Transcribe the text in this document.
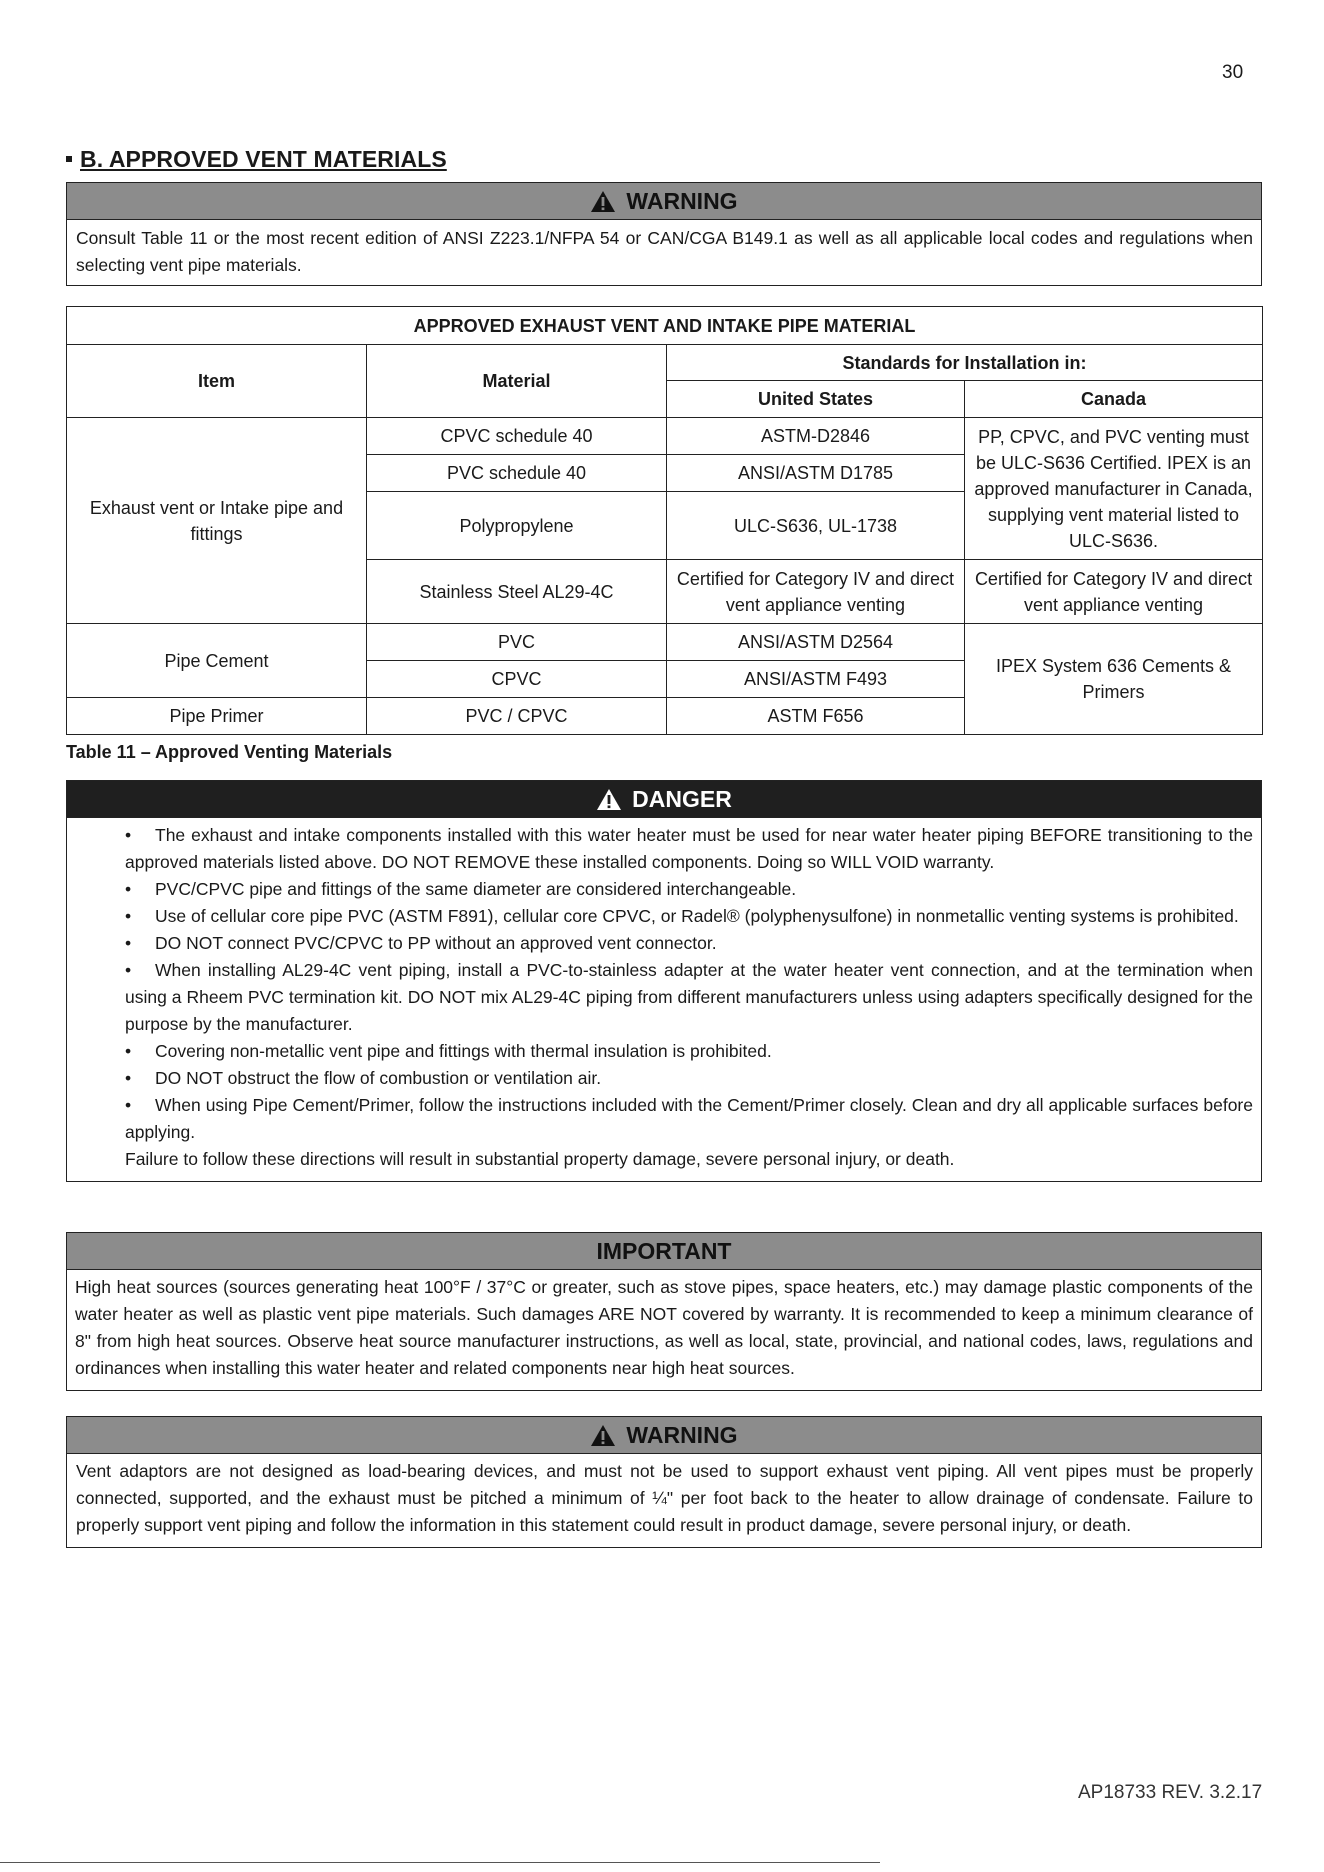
30
B. APPROVED VENT MATERIALS
WARNING
Consult Table 11 or the most recent edition of ANSI Z223.1/NFPA 54 or CAN/CGA B149.1 as well as all applicable local codes and regulations when selecting vent pipe materials.
APPROVED EXHAUST VENT AND INTAKE PIPE MATERIAL			
Item	Material	Standards for Installation in:	
		United States	Canada
Exhaust vent or Intake pipe and fittings	CPVC schedule 40	ASTM-D2846	PP, CPVC, and PVC venting must be ULC-S636 Certified. IPEX is an approved manufacturer in Canada, supplying vent material listed to ULC-S636.
	PVC schedule 40	ANSI/ASTM D1785	
	Polypropylene	ULC-S636, UL-1738	
	Stainless Steel AL29-4C	Certified for Category IV and direct vent appliance venting	Certified for Category IV and direct vent appliance venting
Pipe Cement	PVC	ANSI/ASTM D2564	IPEX System 636 Cements & Primers
	CPVC	ANSI/ASTM F493	
Pipe Primer	PVC / CPVC	ASTM F656	
Table 11 – Approved Venting Materials
DANGER
• The exhaust and intake components installed with this water heater must be used for near water heater piping BEFORE transitioning to the approved materials listed above. DO NOT REMOVE these installed components. Doing so WILL VOID warranty.
• PVC/CPVC pipe and fittings of the same diameter are considered interchangeable.
• Use of cellular core pipe PVC (ASTM F891), cellular core CPVC, or Radel® (polyphenysulfone) in nonmetallic venting systems is prohibited.
• DO NOT connect PVC/CPVC to PP without an approved vent connector.
• When installing AL29-4C vent piping, install a PVC-to-stainless adapter at the water heater vent connection, and at the termination when using a Rheem PVC termination kit. DO NOT mix AL29-4C piping from different manufacturers unless using adapters specifically designed for the purpose by the manufacturer.
• Covering non-metallic vent pipe and fittings with thermal insulation is prohibited.
• DO NOT obstruct the flow of combustion or ventilation air.
• When using Pipe Cement/Primer, follow the instructions included with the Cement/Primer closely. Clean and dry all applicable surfaces before applying.
Failure to follow these directions will result in substantial property damage, severe personal injury, or death.
IMPORTANT
High heat sources (sources generating heat 100°F / 37°C or greater, such as stove pipes, space heaters, etc.) may damage plastic components of the water heater as well as plastic vent pipe materials. Such damages ARE NOT covered by warranty. It is recommended to keep a minimum clearance of 8" from high heat sources. Observe heat source manufacturer instructions, as well as local, state, provincial, and national codes, laws, regulations and ordinances when installing this water heater and related components near high heat sources.
WARNING
Vent adaptors are not designed as load-bearing devices, and must not be used to support exhaust vent piping. All vent pipes must be properly connected, supported, and the exhaust must be pitched a minimum of ¼" per foot back to the heater to allow drainage of condensate. Failure to properly support vent piping and follow the information in this statement could result in product damage, severe personal injury, or death.
AP18733 REV. 3.2.17
